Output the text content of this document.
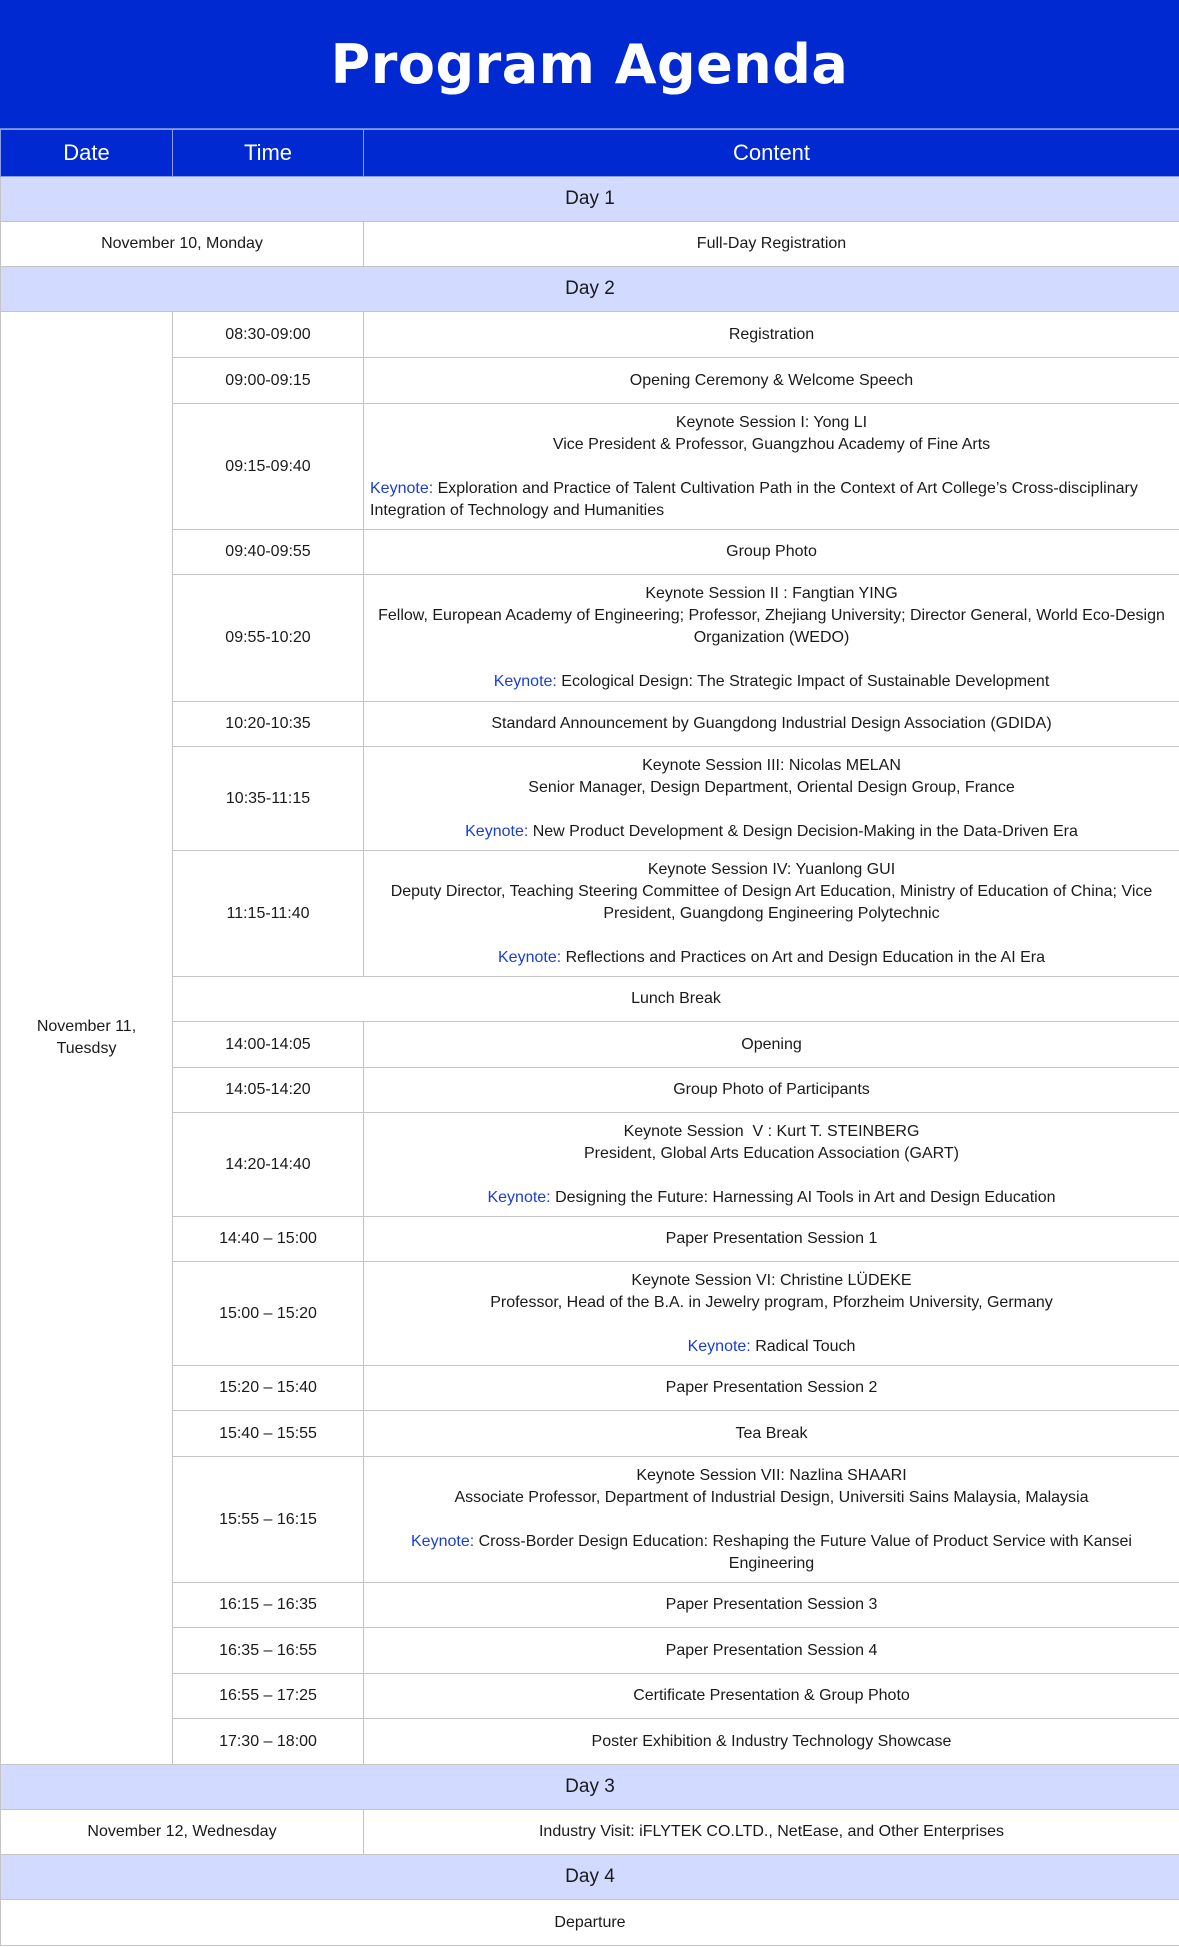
Program Agenda
Date	Time	Content
Day 1		
November 10, Monday		Full-Day Registration
Day 2		
November 11, Tuesdsy	08:30-09:00	Registration
	09:00-09:15	Opening Ceremony & Welcome Speech
	09:15-09:40	Keynote Session I: Yong LI
Vice President & Professor, Guangzhou Academy of Fine Arts
Keynote: Exploration and Practice of Talent Cultivation Path in the Context of Art College’s Cross-disciplinary Integration of Technology and Humanities

	09:40-09:55	Group Photo
	09:55-10:20	Keynote Session II : Fangtian YING
Fellow, European Academy of Engineering; Professor, Zhejiang University; Director General, World Eco-Design Organization (WEDO)
Keynote: Ecological Design: The Strategic Impact of Sustainable Development

	10:20-10:35	Standard Announcement by Guangdong Industrial Design Association (GDIDA)
	10:35-11:15	Keynote Session III: Nicolas MELAN
Senior Manager, Design Department, Oriental Design Group, France
Keynote: New Product Development & Design Decision-Making in the Data-Driven Era

	11:15-11:40	Keynote Session IV: Yuanlong GUI
Deputy Director, Teaching Steering Committee of Design Art Education, Ministry of Education of China; Vice President, Guangdong Engineering Polytechnic
Keynote: Reflections and Practices on Art and Design Education in the AI Era

	Lunch Break	
	14:00-14:05	Opening
	14:05-14:20	Group Photo of Participants
	14:20-14:40	Keynote Session  V : Kurt T. STEINBERG
President, Global Arts Education Association (GART)
Keynote: Designing the Future: Harnessing AI Tools in Art and Design Education

	14:40 – 15:00	Paper Presentation Session 1
	15:00 – 15:20	Keynote Session VI: Christine LÜDEKE
Professor, Head of the B.A. in Jewelry program, Pforzheim University, Germany
Keynote: Radical Touch

	15:20 – 15:40	Paper Presentation Session 2
	15:40 – 15:55	Tea Break
	15:55 – 16:15	Keynote Session VII: Nazlina SHAARI
Associate Professor, Department of Industrial Design, Universiti Sains Malaysia, Malaysia
Keynote: Cross-Border Design Education: Reshaping the Future Value of Product Service with Kansei Engineering

	16:15 – 16:35	Paper Presentation Session 3
	16:35 – 16:55	Paper Presentation Session 4
	16:55 – 17:25	Certificate Presentation & Group Photo
	17:30 – 18:00	Poster Exhibition & Industry Technology Showcase
Day 3		
November 12, Wednesday		Industry Visit: iFLYTEK CO.LTD., NetEase, and Other Enterprises
Day 4		
Departure		
